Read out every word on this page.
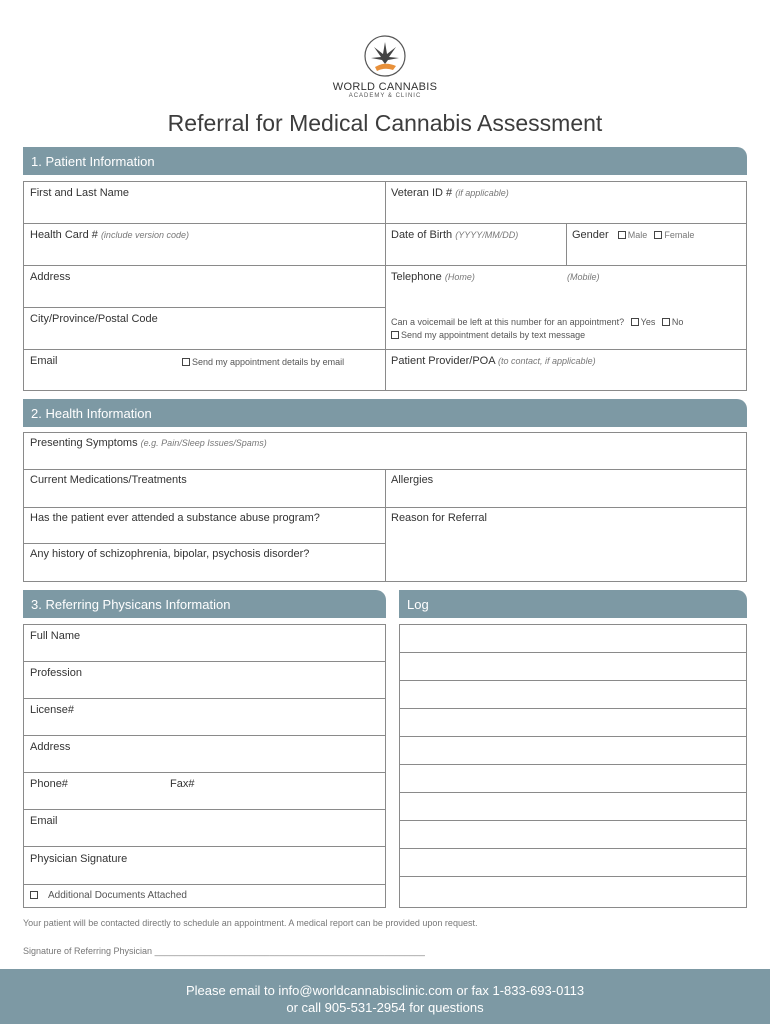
WORLD CANNABIS
ACADEMY & CLINIC
Referral for Medical Cannabis Assessment
1. Patient Information
First and Last Name	Veteran ID # (if applicable)
Health Card # (include version code)	Date of Birth (YYYY/MM/DD)	Gender Male Female
Address	Telephone (Home)	(Mobile)
City/Province/Postal Code	Can a voicemail be left at this number for an appointment? Yes No
Send my appointment details by text message
Email	Send my appointment details by email	Patient Provider/POA (to contact, if applicable)
2. Health Information
Presenting Symptoms (e.g. Pain/Sleep Issues/Spams)
Current Medications/Treatments	Allergies
Has the patient ever attended a substance abuse program?	Reason for Referral
Any history of schizophrenia, bipolar, psychosis disorder?
3. Referring Physicans Information
Full Name
Profession
License#
Address
Phone#	Fax#
Email
Physician Signature
Additional Documents Attached
Log
Your patient will be contacted directly to schedule an appointment. A medical report can be provided upon request.
Signature of Referring Physician ______________________________________________________
Please email to info@worldcannabisclinic.com or fax 1-833-693-0113
or call 905-531-2954 for questions
